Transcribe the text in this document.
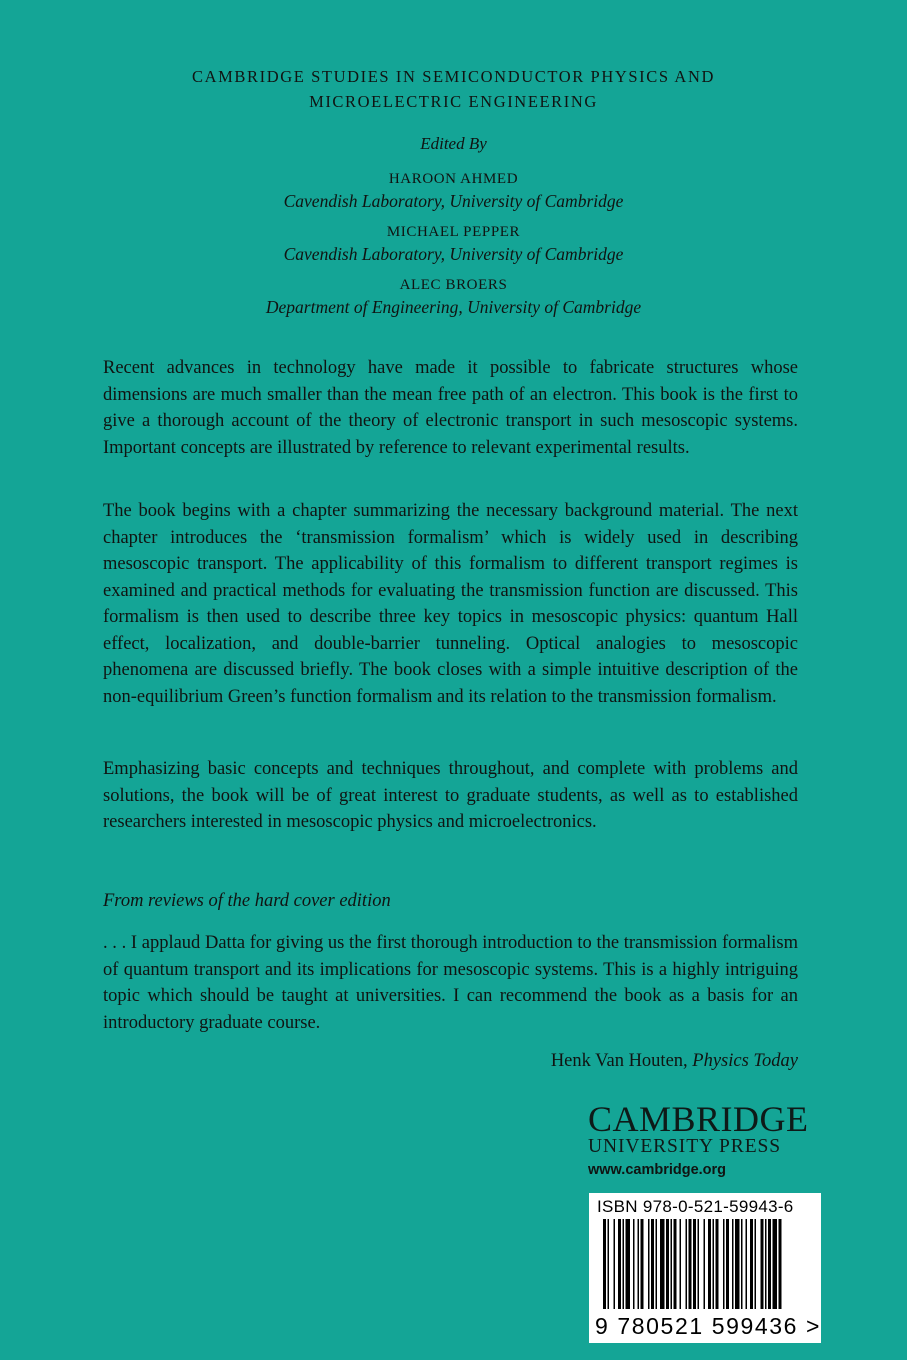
CAMBRIDGE STUDIES IN SEMICONDUCTOR PHYSICS AND
MICROELECTRIC ENGINEERING
Edited By
HAROON AHMED
Cavendish Laboratory, University of Cambridge
MICHAEL PEPPER
Cavendish Laboratory, University of Cambridge
ALEC BROERS
Department of Engineering, University of Cambridge

Recent advances in technology have made it possible to fabricate structures whose dimensions are much smaller than the mean free path of an electron. This book is the first to give a thorough account of the theory of electronic transport in such mesoscopic systems. Important concepts are illustrated by reference to relevant experimental results.

The book begins with a chapter summarizing the necessary background material. The next chapter introduces the ‘transmission formalism’ which is widely used in describing mesoscopic transport. The applicability of this formalism to different transport regimes is examined and practical methods for evaluating the transmission function are discussed. This formalism is then used to describe three key topics in mesoscopic physics: quantum Hall effect, localization, and double-barrier tunneling. Optical analogies to mesoscopic phenomena are discussed briefly. The book closes with a simple intuitive description of the non-equilibrium Green’s function formalism and its relation to the transmission formalism.

Emphasizing basic concepts and techniques throughout, and complete with problems and solutions, the book will be of great interest to graduate students, as well as to established researchers interested in mesoscopic physics and microelectronics.

From reviews of the hard cover edition

. . . I applaud Datta for giving us the first thorough introduction to the transmission formalism of quantum transport and its implications for mesoscopic systems. This is a highly intriguing topic which should be taught at universities. I can recommend the book as a basis for an introductory graduate course.

Henk Van Houten, Physics Today
CAMBRIDGE
UNIVERSITY PRESS
www.cambridge.org
ISBN 978-0-521-59943-6
9 780521 599436 >
